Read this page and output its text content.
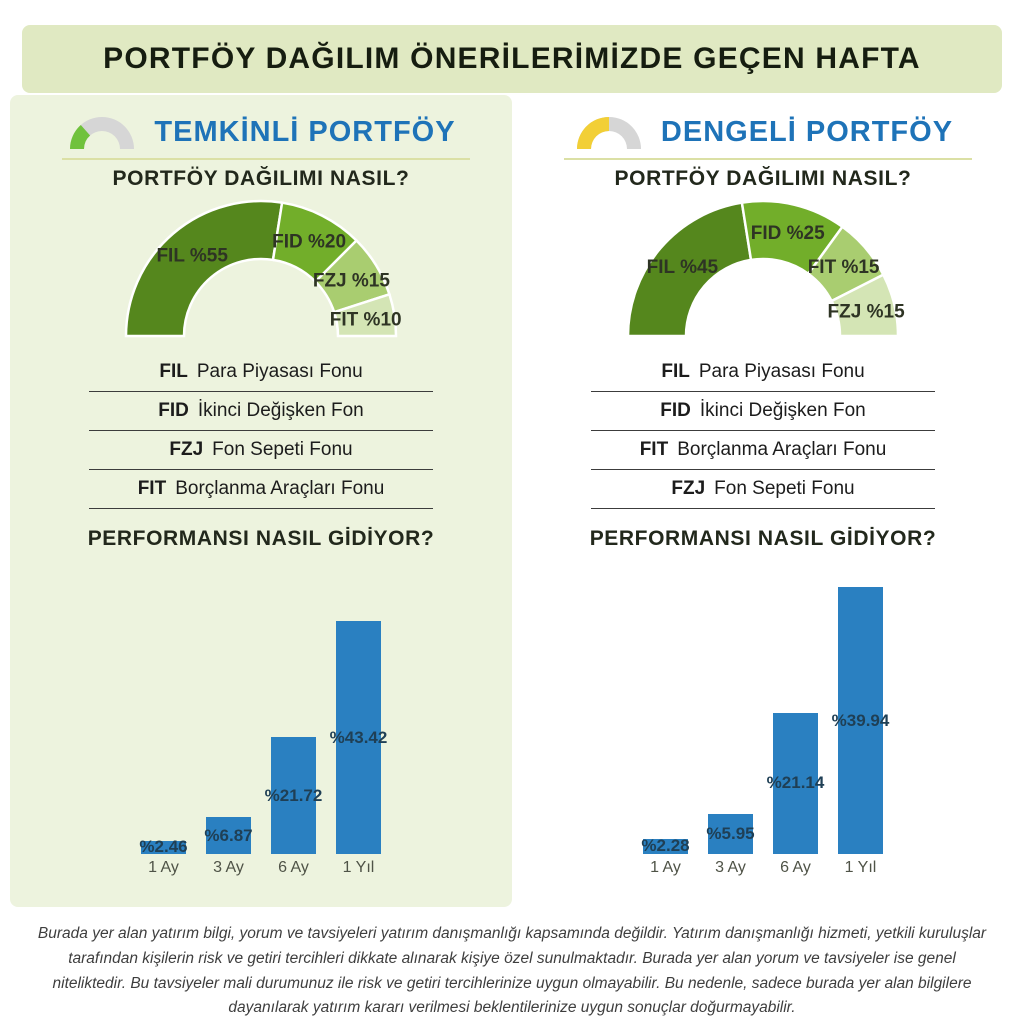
PORTFÖY DAĞILIM ÖNERİLERİMİZDE GEÇEN HAFTA
TEMKİNLİ PORTFÖY
PORTFÖY DAĞILIMI NASIL?
FIL %55
FID %20
FZJ %15
FIT %10
FIL Para Piyasası Fonu
FID İkinci Değişken Fon
FZJ Fon Sepeti Fonu
FIT Borçlanma Araçları Fonu
PERFORMANSI NASIL GİDİYOR?
%2.46
%6.87
%21.72
%43.42
1 Ay	3 Ay	6 Ay	1 Yıl
DENGELİ PORTFÖY
PORTFÖY DAĞILIMI NASIL?
FIL %45
FID %25
FIT %15
FZJ %15
FIL Para Piyasası Fonu
FID İkinci Değişken Fon
FIT Borçlanma Araçları Fonu
FZJ Fon Sepeti Fonu
PERFORMANSI NASIL GİDİYOR?
%2.28
%5.95
%21.14
%39.94
1 Ay	3 Ay	6 Ay	1 Yıl
Burada yer alan yatırım bilgi, yorum ve tavsiyeleri yatırım danışmanlığı kapsamında değildir. Yatırım danışmanlığı hizmeti, yetkili kuruluşlar tarafından kişilerin risk ve getiri tercihleri dikkate alınarak kişiye özel sunulmaktadır. Burada yer alan yorum ve tavsiyeler ise genel niteliktedir. Bu tavsiyeler mali durumunuz ile risk ve getiri tercihlerinize uygun olmayabilir. Bu nedenle, sadece burada yer alan bilgilere dayanılarak yatırım kararı verilmesi beklentilerinize uygun sonuçlar doğurmayabilir.
